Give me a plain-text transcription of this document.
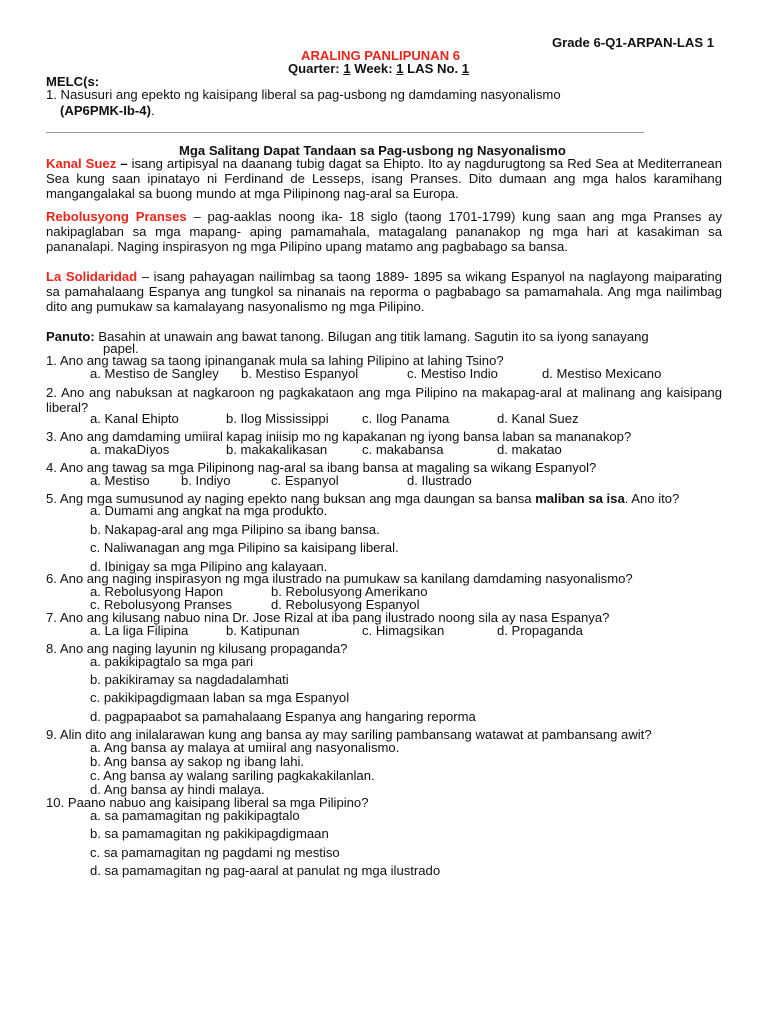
Grade 6-Q1-ARPAN-LAS 1
ARALING PANLIPUNAN 6
Quarter: 1 Week: 1 LAS No. 1
MELC(s:
1. Nasusuri ang epekto ng kaisipang liberal sa pag-usbong ng damdaming nasyonalismo
(AP6PMK-Ib-4).
Mga Salitang Dapat Tandaan sa Pag-usbong ng Nasyonalismo
Kanal Suez – isang artipisyal na daanang tubig dagat sa Ehipto. Ito ay nagdurugtong sa Red Sea at Mediterranean Sea kung saan ipinatayo ni Ferdinand de Lesseps, isang Pranses. Dito dumaan ang mga halos karamihang mangangalakal sa buong mundo at mga Pilipinong nag-aral sa Europa.
Rebolusyong Pranses – pag-aaklas noong ika- 18 siglo (taong 1701-1799) kung saan ang mga Pranses ay nakipaglaban sa mga mapang- aping pamamahala, matagalang pananakop ng mga hari at kasakiman sa pananalapi. Naging inspirasyon ng mga Pilipino upang matamo ang pagbabago sa bansa.
La Solidaridad – isang pahayagan nailimbag sa taong 1889- 1895 sa wikang Espanyol na naglayong maiparating sa pamahalaang Espanya ang tungkol sa ninanais na reporma o pagbabago sa pamamahala. Ang mga nailimbag dito ang pumukaw sa kamalayang nasyonalismo ng mga Pilipino.
Panuto: Basahin at unawain ang bawat tanong. Bilugan ang titik lamang. Sagutin ito sa iyong sanayang
papel.
1. Ano ang tawag sa taong ipinanganak mula sa lahing Pilipino at lahing Tsino?
a. Mestiso de Sangley b. Mestiso Espanyol	c. Mestiso Indio	d. Mestiso Mexicano
2. Ano ang nabuksan at nagkaroon ng pagkakataon ang mga Pilipino na makapag-aral at malinang ang kaisipang liberal?
a. Kanal Ehipto	b. Ilog Mississippi	c. Ilog Panama	d. Kanal Suez
3. Ano ang damdaming umiiral kapag iniisip mo ng kapakanan ng iyong bansa laban sa mananakop?
a. makaDiyos	b. makakalikasan	c. makabansa	d. makatao
4. Ano ang tawag sa mga Pilipinong nag-aral sa ibang bansa at magaling sa wikang Espanyol?
a. Mestiso b. Indiyo	c. Espanyol	d. Ilustrado
5. Ang mga sumusunod ay naging epekto nang buksan ang mga daungan sa bansa maliban sa isa. Ano ito?
a. Dumami ang angkat na mga produkto.
b. Nakapag-aral ang mga Pilipino sa ibang bansa.
c. Naliwanagan ang mga Pilipino sa kaisipang liberal.
d. Ibinigay sa mga Pilipino ang kalayaan.
6. Ano ang naging inspirasyon ng mga ilustrado na pumukaw sa kanilang damdaming nasyonalismo?
a. Rebolusyong Hapon	b. Rebolusyong Amerikano
c. Rebolusyong Pranses	d. Rebolusyong Espanyol
7. Ano ang kilusang nabuo nina Dr. Jose Rizal at iba pang ilustrado noong sila ay nasa Espanya?
a. La liga Filipina	b. Katipunan	c. Himagsikan	d. Propaganda
8. Ano ang naging layunin ng kilusang propaganda?
a. pakikipagtalo sa mga pari
b. pakikiramay sa nagdadalamhati
c. pakikipagdigmaan laban sa mga Espanyol
d. pagpapaabot sa pamahalaang Espanya ang hangaring reporma
9. Alin dito ang inilalarawan kung ang bansa ay may sariling pambansang watawat at pambansang awit?
a. Ang bansa ay malaya at umiiral ang nasyonalismo.
b. Ang bansa ay sakop ng ibang lahi.
c. Ang bansa ay walang sariling pagkakakilanlan.
d. Ang bansa ay hindi malaya.
10. Paano nabuo ang kaisipang liberal sa mga Pilipino?
a. sa pamamagitan ng pakikipagtalo
b. sa pamamagitan ng pakikipagdigmaan
c. sa pamamagitan ng pagdami ng mestiso
d. sa pamamagitan ng pag-aaral at panulat ng mga ilustrado
